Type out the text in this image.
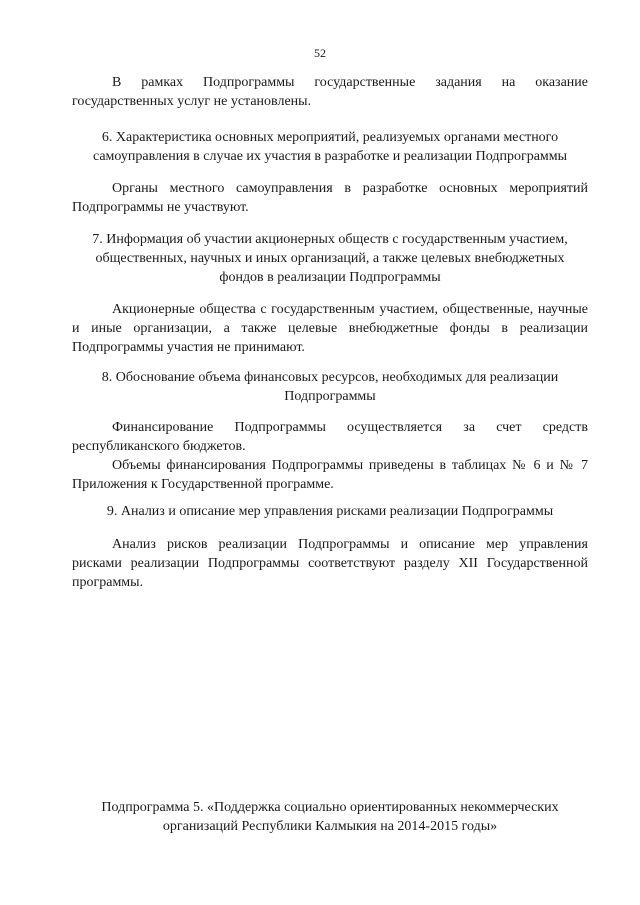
52

В рамках Подпрограммы государственные задания на оказание государственных услуг не установлены.

6. Характеристика основных мероприятий, реализуемых органами местного самоуправления в случае их участия в разработке и реализации Подпрограммы

Органы местного самоуправления в разработке основных мероприятий Подпрограммы не участвуют.

7. Информация об участии акционерных обществ с государственным участием, общественных, научных и иных организаций, а также целевых внебюджетных фондов в реализации Подпрограммы

Акционерные общества с государственным участием, общественные, научные и иные организации, а также целевые внебюджетные фонды в реализации Подпрограммы участия не принимают.

8. Обоснование объема финансовых ресурсов, необходимых для реализации Подпрограммы

Финансирование Подпрограммы осуществляется за счет средств республиканского бюджетов.

Объемы финансирования Подпрограммы приведены в таблицах № 6 и № 7 Приложения к Государственной программе.

9. Анализ и описание мер управления рисками реализации Подпрограммы

Анализ рисков реализации Подпрограммы и описание мер управления рисками реализации Подпрограммы соответствуют разделу XII Государственной программы.

Подпрограмма 5. «Поддержка социально ориентированных некоммерческих организаций Республики Калмыкия на 2014-2015 годы»
